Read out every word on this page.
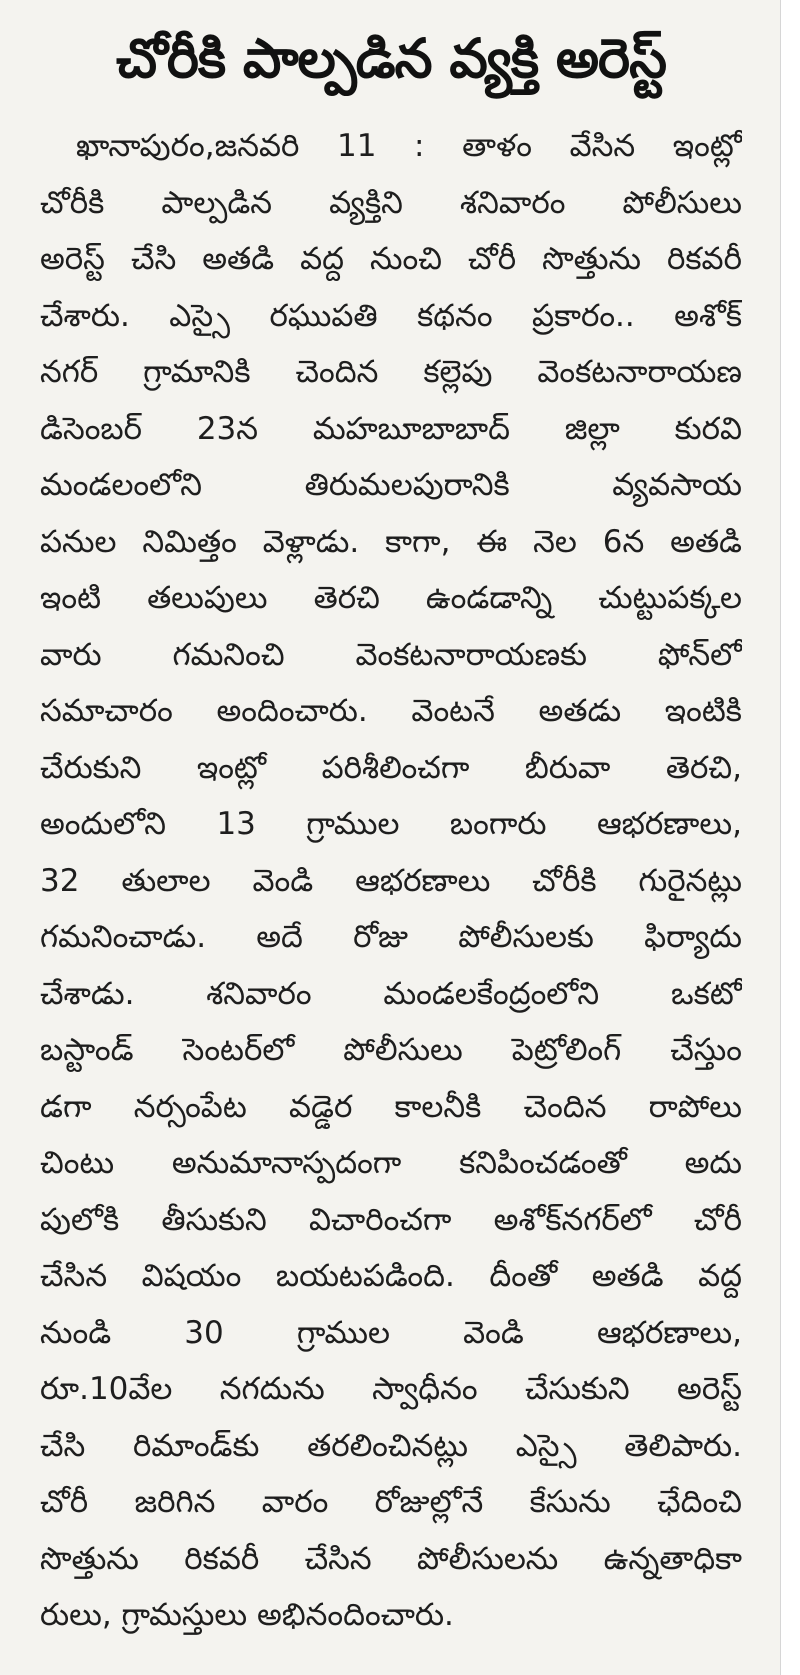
చోరీకి పాల్పడిన వ్యక్తి అరెస్ట్
ఖానాపురం,జనవరి 11 : తాళం వేసిన ఇంట్లో
చోరీకి పాల్పడిన వ్యక్తిని శనివారం పోలీసులు
అరెస్ట్ చేసి అతడి వద్ద నుంచి చోరీ సొత్తును రికవరీ
చేశారు. ఎస్సై రఘుపతి కథనం ప్రకారం.. అశోక్
నగర్ గ్రామానికి చెందిన కల్లెపు వెంకటనారాయణ
డిసెంబర్ 23న మహబూబాబాద్ జిల్లా కురవి
మండలంలోని తిరుమలపురానికి వ్యవసాయ
పనుల నిమిత్తం వెళ్లాడు. కాగా, ఈ నెల 6న అతడి
ఇంటి తలుపులు తెరచి ఉండడాన్ని చుట్టుపక్కల
వారు గమనించి వెంకటనారాయణకు ఫోన్‌లో
సమాచారం అందించారు. వెంటనే అతడు ఇంటికి
చేరుకుని ఇంట్లో పరిశీలించగా బీరువా తెరచి,
అందులోని 13 గ్రాముల బంగారు ఆభరణాలు,
32 తులాల వెండి ఆభరణాలు చోరీకి గురైనట్లు
గమనించాడు. అదే రోజు పోలీసులకు ఫిర్యాదు
చేశాడు. శనివారం మండలకేంద్రంలోని ఒకటో
బస్టాండ్ సెంటర్‌లో పోలీసులు పెట్రోలింగ్ చేస్తుం
డగా నర్సంపేట వడ్డెర కాలనీకి చెందిన రాపోలు
చింటు అనుమానాస్పదంగా కనిపించడంతో అదు
పులోకి తీసుకుని విచారించగా అశోక్‌నగర్‌లో చోరీ
చేసిన విషయం బయటపడింది. దీంతో అతడి వద్ద
నుండి 30 గ్రాముల వెండి ఆభరణాలు,
రూ.10వేల నగదును స్వాధీనం చేసుకుని అరెస్ట్
చేసి రిమాండ్‌కు తరలించినట్లు ఎస్సై తెలిపారు.
చోరీ జరిగిన వారం రోజుల్లోనే కేసును ఛేదించి
సొత్తును రికవరీ చేసిన పోలీసులను ఉన్నతాధికా
రులు, గ్రామస్తులు అభినందించారు.
